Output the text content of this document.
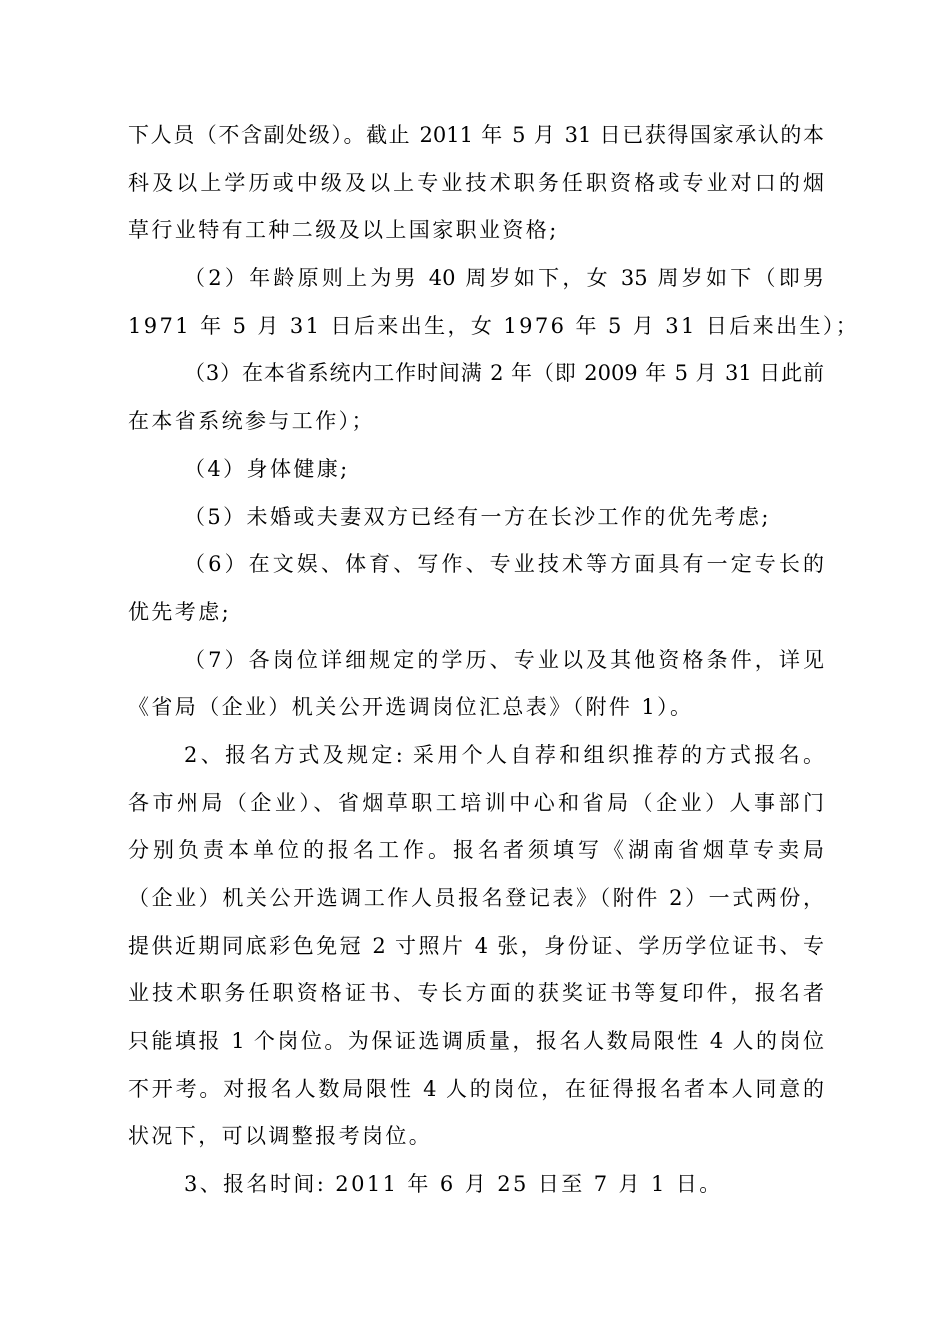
下人员（不含副处级）。截止 2011 年 5 月 31 日已获得国家承认的本
科及以上学历或中级及以上专业技术职务任职资格或专业对口的烟
草行业特有工种二级及以上国家职业资格;
（2）年龄原则上为男 40 周岁如下，女 35 周岁如下（即男
1971 年 5 月 31 日后来出生，女 1976 年 5 月 31 日后来出生）；
（3）在本省系统内工作时间满 2 年（即 2009 年 5 月 31 日此前
在本省系统参与工作）；
（4）身体健康;
（5）未婚或夫妻双方已经有一方在长沙工作的优先考虑;
（6）在文娱、体育、写作、专业技术等方面具有一定专长的
优先考虑;
（7）各岗位详细规定的学历、专业以及其他资格条件，详见
《省局（企业）机关公开选调岗位汇总表》（附件 1）。
2、报名方式及规定: 采用个人自荐和组织推荐的方式报名。
各市州局（企业）、省烟草职工培训中心和省局（企业）人事部门
分别负责本单位的报名工作。报名者须填写《湖南省烟草专卖局
（企业）机关公开选调工作人员报名登记表》（附件 2）一式两份，
提供近期同底彩色免冠 2 寸照片 4 张，身份证、学历学位证书、专
业技术职务任职资格证书、专长方面的获奖证书等复印件，报名者
只能填报 1 个岗位。为保证选调质量，报名人数局限性 4 人的岗位
不开考。对报名人数局限性 4 人的岗位，在征得报名者本人同意的
状况下，可以调整报考岗位。
3、报名时间: 2011 年 6 月 25 日至 7 月 1 日。
